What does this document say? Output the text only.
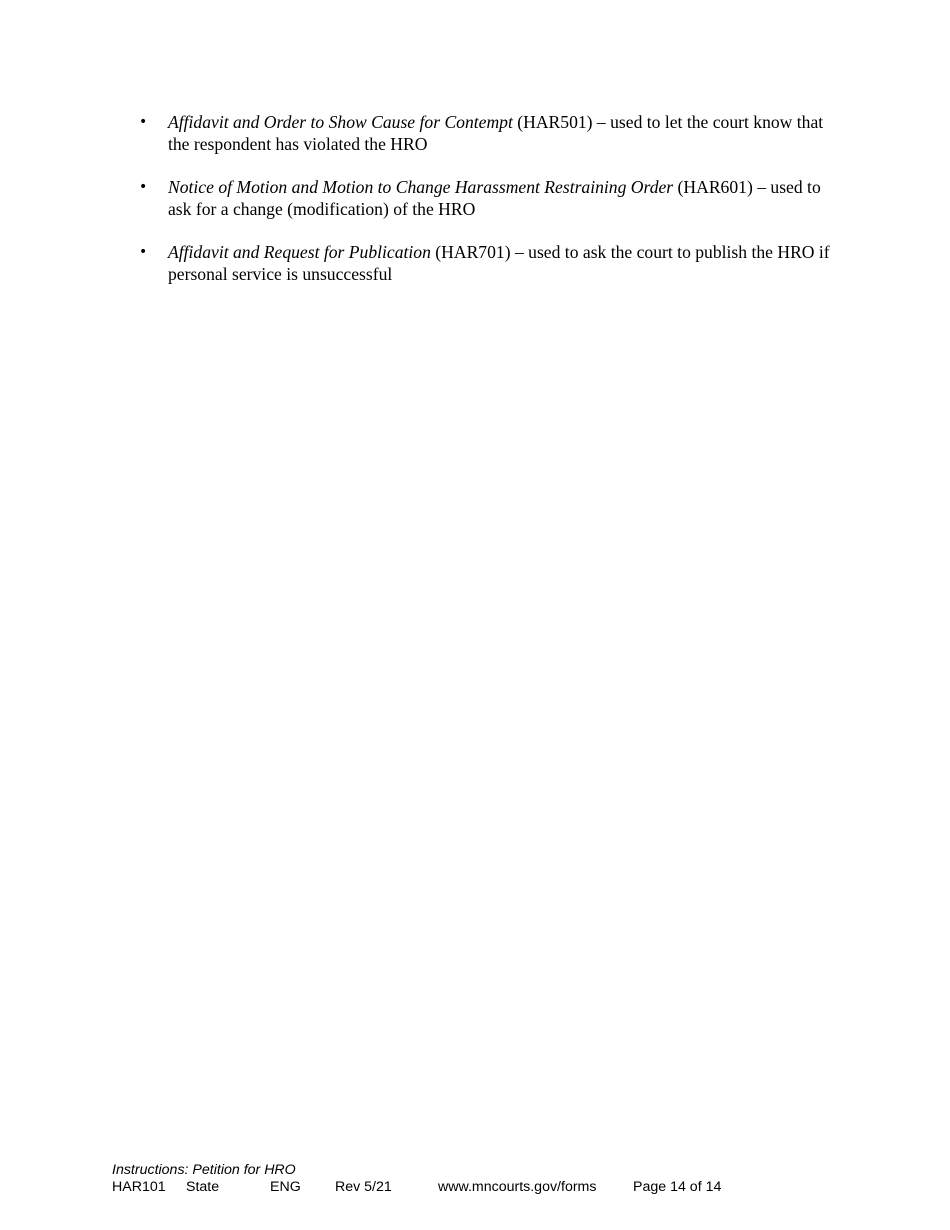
• Affidavit and Order to Show Cause for Contempt (HAR501) – used to let the court know that the respondent has violated the HRO
• Notice of Motion and Motion to Change Harassment Restraining Order (HAR601) – used to ask for a change (modification) of the HRO
• Affidavit and Request for Publication (HAR701) – used to ask the court to publish the HRO if personal service is unsuccessful
Instructions: Petition for HRO
HAR101 State	ENG Rev 5/21	www.mncourts.gov/forms	Page 14 of 14
